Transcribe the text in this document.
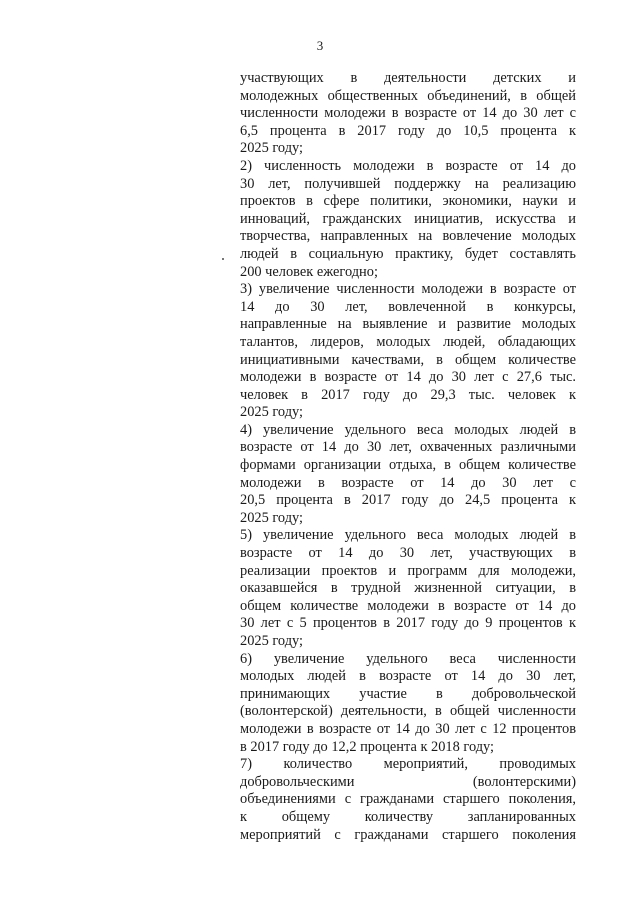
3
участвующих в деятельности детских и
молодежных общественных объединений, в общей
численности молодежи в возрасте от 14 до 30 лет с
6,5 процента в 2017 году до 10,5 процента к
2025 году;
2) численность молодежи в возрасте от 14 до
30 лет, получившей поддержку на реализацию
проектов в сфере политики, экономики, науки и
инноваций, гражданских инициатив, искусства и
творчества, направленных на вовлечение молодых
людей в социальную практику, будет составлять
200 человек ежегодно;
3) увеличение численности молодежи в возрасте от
14 до 30 лет, вовлеченной в конкурсы,
направленные на выявление и развитие молодых
талантов, лидеров, молодых людей, обладающих
инициативными качествами, в общем количестве
молодежи в возрасте от 14 до 30 лет с 27,6 тыс.
человек в 2017 году до 29,3 тыс. человек к
2025 году;
4) увеличение удельного веса молодых людей в
возрасте от 14 до 30 лет, охваченных различными
формами организации отдыха, в общем количестве
молодежи в возрасте от 14 до 30 лет с
20,5 процента в 2017 году до 24,5 процента к
2025 году;
5) увеличение удельного веса молодых людей в
возрасте от 14 до 30 лет, участвующих в
реализации проектов и программ для молодежи,
оказавшейся в трудной жизненной ситуации, в
общем количестве молодежи в возрасте от 14 до
30 лет с 5 процентов в 2017 году до 9 процентов к
2025 году;
6) увеличение удельного веса численности
молодых людей в возрасте от 14 до 30 лет,
принимающих участие в добровольческой
(волонтерской) деятельности, в общей численности
молодежи в возрасте от 14 до 30 лет с 12 процентов
в 2017 году до 12,2 процента к 2018 году;
7) количество мероприятий, проводимых
добровольческими (волонтерскими)
объединениями с гражданами старшего поколения,
к общему количеству запланированных
мероприятий с гражданами старшего поколения
